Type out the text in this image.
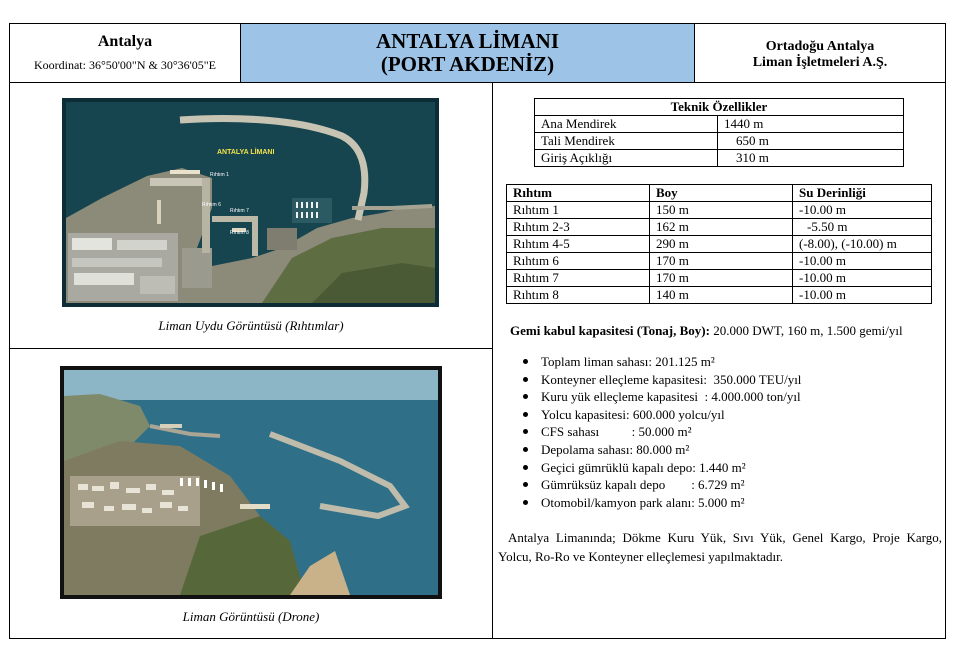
Antalya
Koordinat: 36°50'00"N & 30°36'05"E
ANTALYA LİMANI
(PORT AKDENİZ)
Ortadoğu Antalya
Liman İşletmeleri A.Ş.
ANTALYA LİMANI
Rıhtım 1
Rıhtım 6
Rıhtım 7
Rıhtım 8
Liman Uydu Görüntüsü (Rıhtımlar)
Liman Görüntüsü (Drone)
Teknik Özellikler	
Ana Mendirek	1440 m
Tali Mendirek	650 m
Giriş Açıklığı	310 m
Rıhtım	Boy	Su Derinliği
Rıhtım 1	150 m	-10.00 m
Rıhtım 2-3	162 m	-5.50 m
Rıhtım 4-5	290 m	(-8.00), (-10.00) m
Rıhtım 6	170 m	-10.00 m
Rıhtım 7	170 m	-10.00 m
Rıhtım 8	140 m	-10.00 m
Gemi kabul kapasitesi (Tonaj, Boy): 20.000 DWT, 160 m, 1.500 gemi/yıl
Toplam liman sahası: 201.125 m²
Konteyner elleçleme kapasitesi:  350.000 TEU/yıl
Kuru yük elleçleme kapasitesi  : 4.000.000 ton/yıl
Yolcu kapasitesi: 600.000 yolcu/yıl
CFS sahası          : 50.000 m²
Depolama sahası: 80.000 m²
Geçici gümrüklü kapalı depo: 1.440 m²
Gümrüksüz kapalı depo        : 6.729 m²
Otomobil/kamyon park alanı: 5.000 m²
Antalya Limanında; Dökme Kuru Yük, Sıvı Yük, Genel Kargo, Proje Kargo, Yolcu, Ro-Ro ve Konteyner elleçlemesi yapılmaktadır.
